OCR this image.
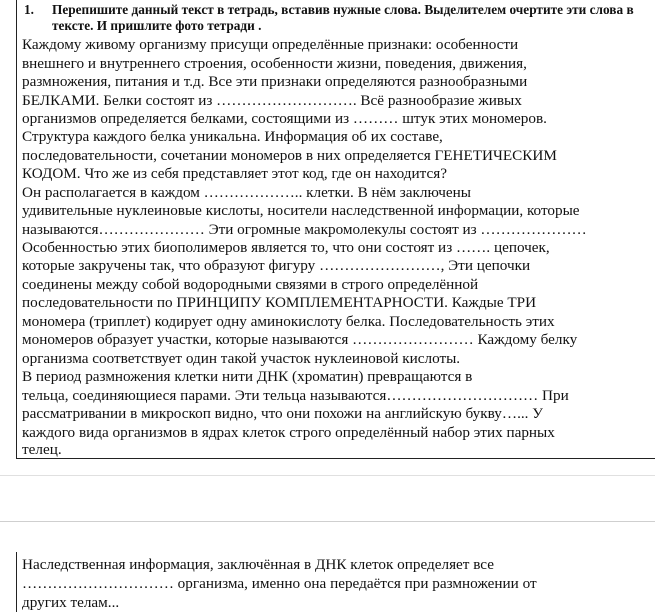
1. Перепишите данный текст в тетрадь, вставив нужные слова. Выделителем очертите эти слова в тексте. И пришлите фото тетради .
Каждому живому организму присущи определённые признаки: особенности
внешнего и внутреннего строения, особенности жизни, поведения, движения,
размножения, питания и т.д. Все эти признаки определяются разнообразными
БЕЛКАМИ. Белки состоят из ………………………. Всё разнообразие живых
организмов определяется белками, состоящими из ……… штук этих мономеров.
Структура каждого белка уникальна. Информация об их составе,
последовательности, сочетании мономеров в них определяется ГЕНЕТИЧЕСКИМ
КОДОМ. Что же из себя представляет этот код, где он находится?
Он располагается в каждом ……………….. клетки. В нём заключены
удивительные нуклеиновые кислоты, носители наследственной информации, которые
называются………………… Эти огромные макромолекулы состоят из …………………
Особенностью этих биополимеров является то, что они состоят из ……. цепочек,
которые закручены так, что образуют фигуру ……………………, Эти цепочки
соединены между собой водородными связями в строго определённой
последовательности по ПРИНЦИПУ КОМПЛЕМЕНТАРНОСТИ. Каждые ТРИ
мономера (триплет) кодирует одну аминокислоту белка. Последовательность этих
мономеров образует участки, которые называются …………………… Каждому белку
организма соответствует один такой участок нуклеиновой кислоты.
В период размножения клетки нити ДНК (хроматин) превращаются в
тельца, соединяющиеся парами. Эти тельца называются………………………… При
рассматривании в микроскоп видно, что они похожи на английскую букву…... У
каждого вида организмов в ядрах клеток строго определённый набор этих парных
телец.
Наследственная информация, заключённая в ДНК клеток определяет все
………………………… организма, именно она передаётся при размножении от
других телам...
